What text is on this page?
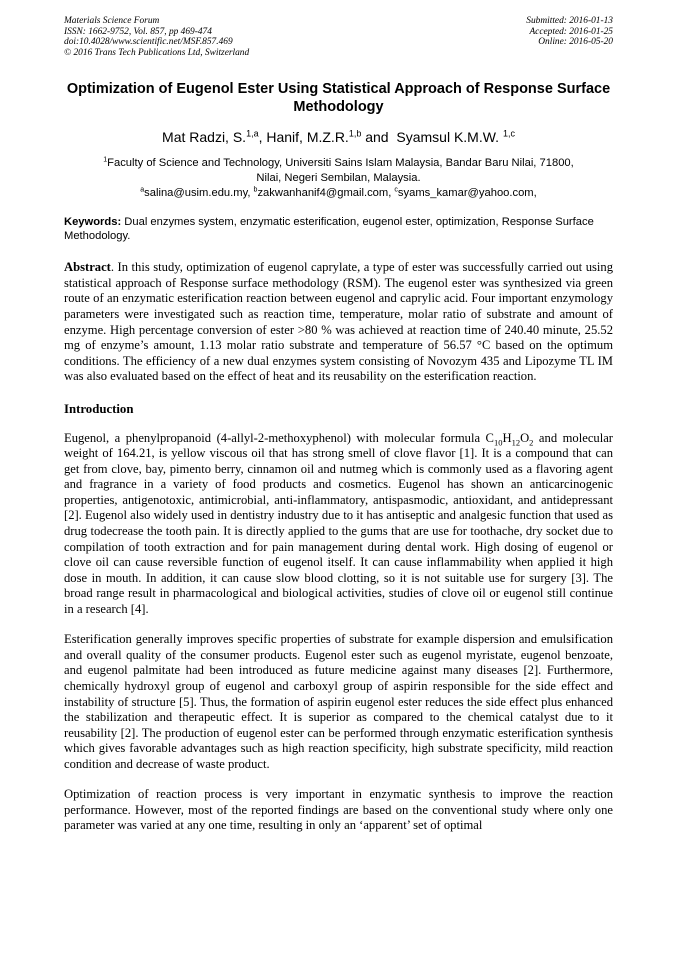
Materials Science Forum
ISSN: 1662-9752, Vol. 857, pp 469-474
doi:10.4028/www.scientific.net/MSF.857.469
© 2016 Trans Tech Publications Ltd, Switzerland
Submitted: 2016-01-13
Accepted: 2016-01-25
Online: 2016-05-20
Optimization of Eugenol Ester Using Statistical Approach of Response Surface Methodology
Mat Radzi, S.$^{1,a}$, Hanif, M.Z.R.$^{1,b}$ and  Syamsul K.M.W. $^{1,c}$
$^1$Faculty of Science and Technology, Universiti Sains Islam Malaysia, Bandar Baru Nilai, 71800,
Nilai, Negeri Sembilan, Malaysia.
$^a$salina@usim.edu.my, $^b$zakwanhanif4@gmail.com, $^c$syams_kamar@yahoo.com,
Keywords: Dual enzymes system, enzymatic esterification, eugenol ester, optimization, Response Surface Methodology.
Abstract. In this study, optimization of eugenol caprylate, a type of ester was successfully carried out using statistical approach of Response surface methodology (RSM). The eugenol ester was synthesized via green route of an enzymatic esterification reaction between eugenol and caprylic acid. Four important enzymology parameters were investigated such as reaction time, temperature, molar ratio of substrate and amount of enzyme. High percentage conversion of ester >80 % was achieved at reaction time of 240.40 minute, 25.52 mg of enzyme’s amount, 1.13 molar ratio substrate and temperature of 56.57 °C based on the optimum conditions. The efficiency of a new dual enzymes system consisting of Novozym 435 and Lipozyme TL IM was also evaluated based on the effect of heat and its reusability on the esterification reaction.
Introduction
Eugenol, a phenylpropanoid (4-allyl-2-methoxyphenol) with molecular formula $C_{10}H_{12}O_2$ and molecular weight of 164.21, is yellow viscous oil that has strong smell of clove flavor [1]. It is a compound that can get from clove, bay, pimento berry, cinnamon oil and nutmeg which is commonly used as a flavoring agent and fragrance in a variety of food products and cosmetics. Eugenol has shown an anticarcinogenic properties, antigenotoxic, antimicrobial, anti-inflammatory, antispasmodic, antioxidant, and antidepressant [2]. Eugenol also widely used in dentistry industry due to it has antiseptic and analgesic function that used as drug todecrease the tooth pain. It is directly applied to the gums that are use for toothache, dry socket due to compilation of tooth extraction and for pain management during dental work. High dosing of eugenol or clove oil can cause reversible function of eugenol itself. It can cause inflammability when applied it high dose in mouth. In addition, it can cause slow blood clotting, so it is not suitable use for surgery [3]. The broad range result in pharmacological and biological activities, studies of clove oil or eugenol still continue in a research [4].
Esterification generally improves specific properties of substrate for example dispersion and emulsification and overall quality of the consumer products. Eugenol ester such as eugenol myristate, eugenol benzoate, and eugenol palmitate had been introduced as future medicine against many diseases [2]. Furthermore, chemically hydroxyl group of eugenol and carboxyl group of aspirin responsible for the side effect and instability of structure [5]. Thus, the formation of aspirin eugenol ester reduces the side effect plus enhanced the stabilization and therapeutic effect. It is superior as compared to the chemical catalyst due to it reusability [2]. The production of eugenol ester can be performed through enzymatic esterification synthesis which gives favorable advantages such as high reaction specificity, high substrate specificity, mild reaction condition and decrease of waste product.
Optimization of reaction process is very important in enzymatic synthesis to improve the reaction performance. However, most of the reported findings are based on the conventional study where only one parameter was varied at any one time, resulting in only an ‘apparent’ set of optimal
